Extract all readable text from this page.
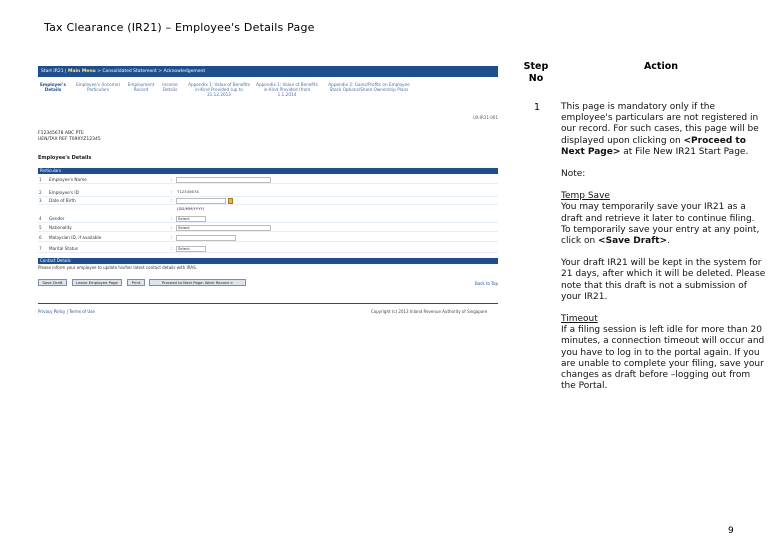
Tax Clearance (IR21) – Employee's Details Page
Start IR21 | Main Menu > Consolidated Statement > Acknowledgement
Employer's Details
Employee's (Income) Particulars
Employment Record
Income Details
Appendix 1: Value of Benefits in-Kind Provided (up to 31.12.2013
Appendix 1: Value of Benefits in-Kind Provided (from 1.1.2014
Appendix 2: Gains/Profits on Employee Stock Options/Share Ownership Plans
UX-IR21-001
F12345678 ABC PTE
UEN/TAX REF T09XYZ12345
Employee's Details
Particulars
1 Employee's Name	:
2 Employee's ID	: T1234567A
3 Date of Birth	:
(DD/MM/YYYY)
4 Gender	:	Select
5 Nationality	:	Select
6 Malaysian ID, if available	:
7 Marital Status	:	Select
Contact Details
Please inform your employee to update his/her latest contact details with IRAS.
Save Draft	Leave Employee Page	Print	Proceed to Next Page: Work Record >	Back to Top
Privacy Policy | Terms of Use	Copyright (c) 2013 Inland Revenue Authority of Singapore
Step No
Action
1 This page is mandatory only if the employee's particulars are not registered in our record. For such cases, this page will be displayed upon clicking on <Proceed to Next Page> at File New IR21 Start Page.

Note:

Temp Save
You may temporarily save your IR21 as a draft and retrieve it later to continue filing. To temporarily save your entry at any point, click on <Save Draft>.

Your draft IR21 will be kept in the system for 21 days, after which it will be deleted. Please note that this draft is not a submission of your IR21.

Timeout
If a filing session is left idle for more than 20 minutes, a connection timeout will occur and you have to log in to the portal again. If you are unable to complete your filing, save your changes as draft before –logging out from the Portal.

9
